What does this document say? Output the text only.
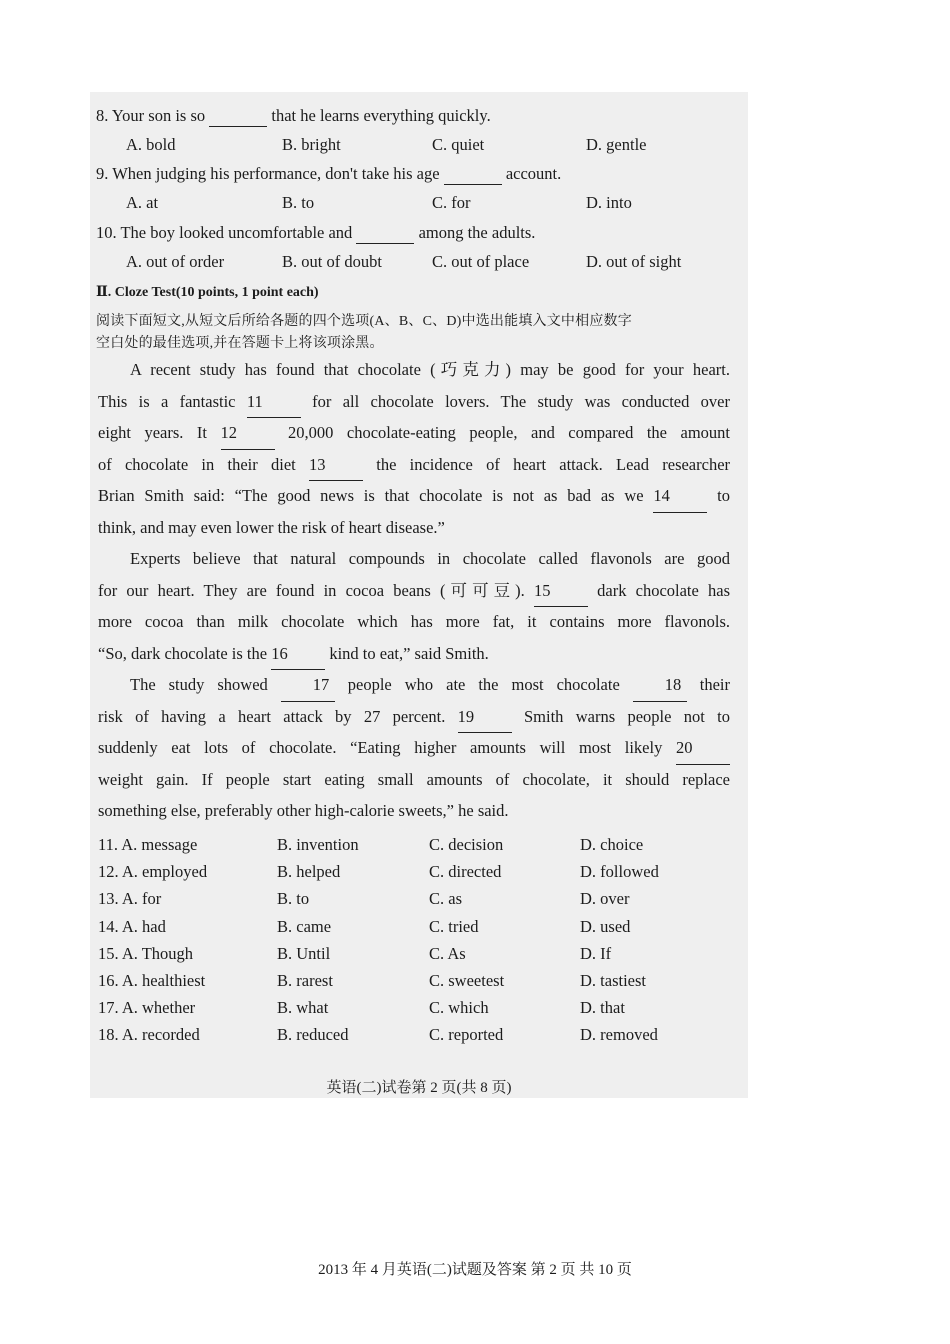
8. Your son is so	that he learns everything quickly.
A. bold	B. bright	C. quiet	D. gentle
9. When judging his performance, don't take his age	account.
A. at	B. to	C. for	D. into
10. The boy looked uncomfortable and	among the adults.
A. out of order	B. out of doubt	C. out of place	D. out of sight
Ⅱ. Cloze Test(10 points, 1 point each)
阅读下面短文,从短文后所给各题的四个选项(A、B、C、D)中选出能填入文中相应数字
空白处的最佳选项,并在答题卡上将该项涂黑。
A recent study has found that chocolate (巧克力) may be good for your heart.
This is a fantastic 11	for all chocolate lovers. The study was conducted over
eight years. It 12	20,000 chocolate-eating people, and compared the amount
of chocolate in their diet 13	the incidence of heart attack. Lead researcher
Brian Smith said: “The good news is that chocolate is not as bad as we 14	to
think, and may even lower the risk of heart disease.”
Experts believe that natural compounds in chocolate called flavonols are good
for our heart. They are found in cocoa beans (可可豆). 15	dark chocolate has
more cocoa than milk chocolate which has more fat, it contains more flavonols.
“So, dark chocolate is the 16	kind to eat,” said Smith.
The study showed	17 people who ate the most chocolate	18 their
risk of having a heart attack by 27 percent. 19	Smith warns people not to
suddenly eat lots of chocolate. “Eating higher amounts will most likely 20
weight gain. If people start eating small amounts of chocolate, it should replace
something else, preferably other high-calorie sweets,” he said.
11. A. message	B. invention	C. decision	D. choice
12. A. employed	B. helped	C. directed	D. followed
13. A. for	B. to	C. as	D. over
14. A. had	B. came	C. tried	D. used
15. A. Though	B. Until	C. As	D. If
16. A. healthiest	B. rarest	C. sweetest	D. tastiest
17. A. whether	B. what	C. which	D. that
18. A. recorded	B. reduced	C. reported	D. removed
英语(二)试卷第 2 页(共 8 页)
2013 年 4 月英语(二)试题及答案 第 2 页 共 10 页
